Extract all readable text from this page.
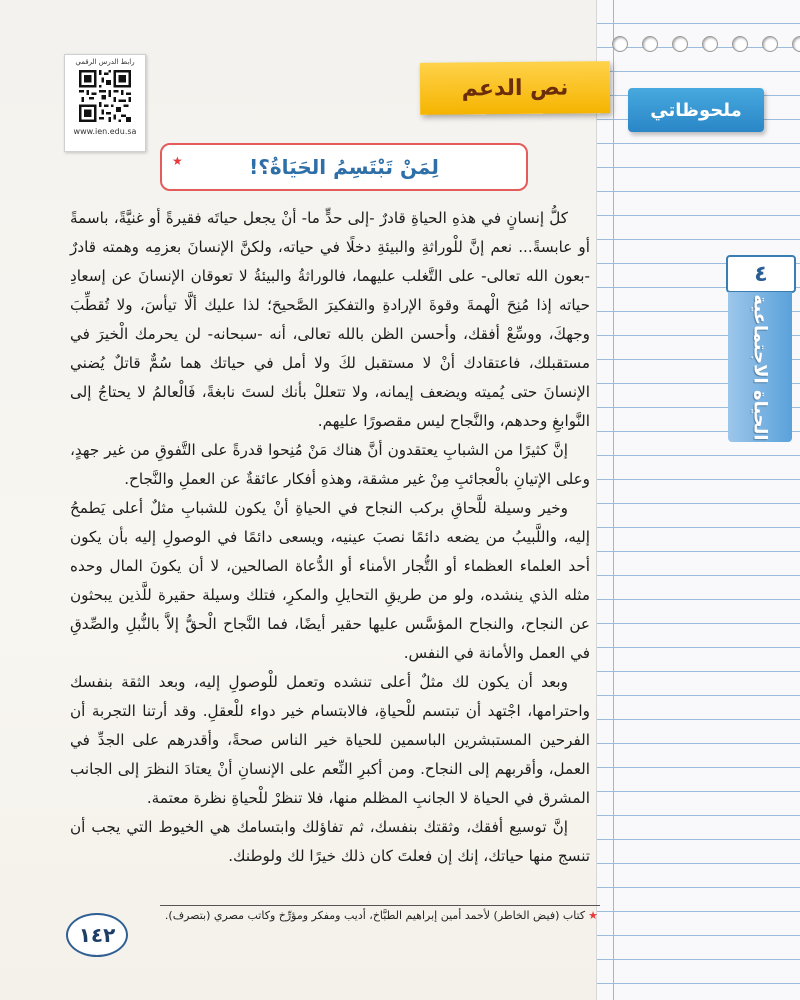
ملحوظاتي
٤
الحياة الاجتماعية
رابط الدرس الرقمي
www.ien.edu.sa
نص الدعم
لِمَنْ تَبْتَسِمُ الحَيَاةُ؟!
★

كلُّ إنسانٍ في هذهِ الحياةِ قادرٌ -إلى حدٍّ ما- أنْ يجعل حياتَه فقيرةً أو غنيَّةً، باسمةً أو عابسةً... نعم إنَّ للْوراثةِ والبيئةِ دخلًا في حياته، ولكنَّ الإنسانَ بعزمِه وهمته قادرٌ -بعون الله تعالى- على التَّغلب عليهما، فالوراثةُ والبيئةُ لا تعوقان الإنسانَ عن إسعادِ حياته إذا مُنِحَ الْهمةَ وقوةَ الإرادةِ والتفكيرَ الصَّحيحَ؛ لذا عليك ألَّا تيأسَ، ولا تُقطِّبَ وجهكَ، ووسِّعْ أفقك، وأحسن الظن بالله تعالى، أنه -سبحانه- لن يحرمك الْخيرَ في مستقبلك، فاعتقادك أنْ لا مستقبل لكَ ولا أمل في حياتك هما سُمٌّ قاتلٌ يُضني الإنسانَ حتى يُميته ويضعف إيمانه، ولا تتعللْ بأنك لستَ نابغةً، فَالْعالمُ لا يحتاجُ إلى النَّوابغِ وحدهم، والنَّجاح ليس مقصورًا عليهم.

إنَّ كثيرًا من الشبابِ يعتقدون أنَّ هناك مَنْ مُنِحوا قدرةً على التَّفوقِ من غير جهدٍ، وعلى الإتيانِ بالْعجائبِ مِنْ غير مشقة، وهذهِ أفكار عائقةٌ عن العملِ والنَّجاح.

وخير وسيلة للَّحاقِ بركب النجاح في الحياةِ أنْ يكون للشبابِ مثلٌ أعلى يَطمحُ إليه، واللَّبيبُ من يضعه دائمًا نصبَ عينيه، ويسعى دائمًا في الوصولِ إليه بأن يكون أحد العلماء العظماء أو التُّجار الأمناء أو الدُّعاة الصالحين، لا أن يكونَ المال وحده مثله الذي ينشده، ولو من طريقِ التحايلِ والمكرِ، فتلك وسيلة حقيرة للَّذين يبحثون عن النجاح، والنجاح المؤسَّس عليها حقير أيضًا، فما النَّجاح الْحقُّ إلاَّ بالنُّبلِ والصِّدقِ في العمل والأمانة في النفس.

وبعد أن يكون لك مثلٌ أعلى تنشده وتعمل للْوصولِ إليه، وبعد الثقة بنفسك واحترامها، اجْتهد أن تبتسم للْحياةِ، فالابتسام خير دواء للْعقلِ. وقد أرتنا التجربة أن الفرحين المستبشرين الباسمين للحياة خير الناس صحةً، وأقدرهم على الجدِّ في العمل، وأقربهم إلى النجاح. ومن أكبرِ النِّعم على الإنسانِ أنْ يعتادَ النظرَ إلى الجانب المشرق في الحياة لا الجانبِ المظلم منها، فلا تنظرْ للْحياةِ نظرة معتمة.

إنَّ توسيع أفقك، وثقتك بنفسك، ثم تفاؤلك وابتسامك هي الخيوط التي يجب أن تنسج منها حياتك، إنك إن فعلتَ كان ذلك خيرًا لك ولوطنك.

★كتاب (فيض الخاطر) لأحمد أمين إبراهيم الطبَّاخ، أديب ومفكر ومؤرِّخ وكاتب مصري (بتصرف).
١٤٢
